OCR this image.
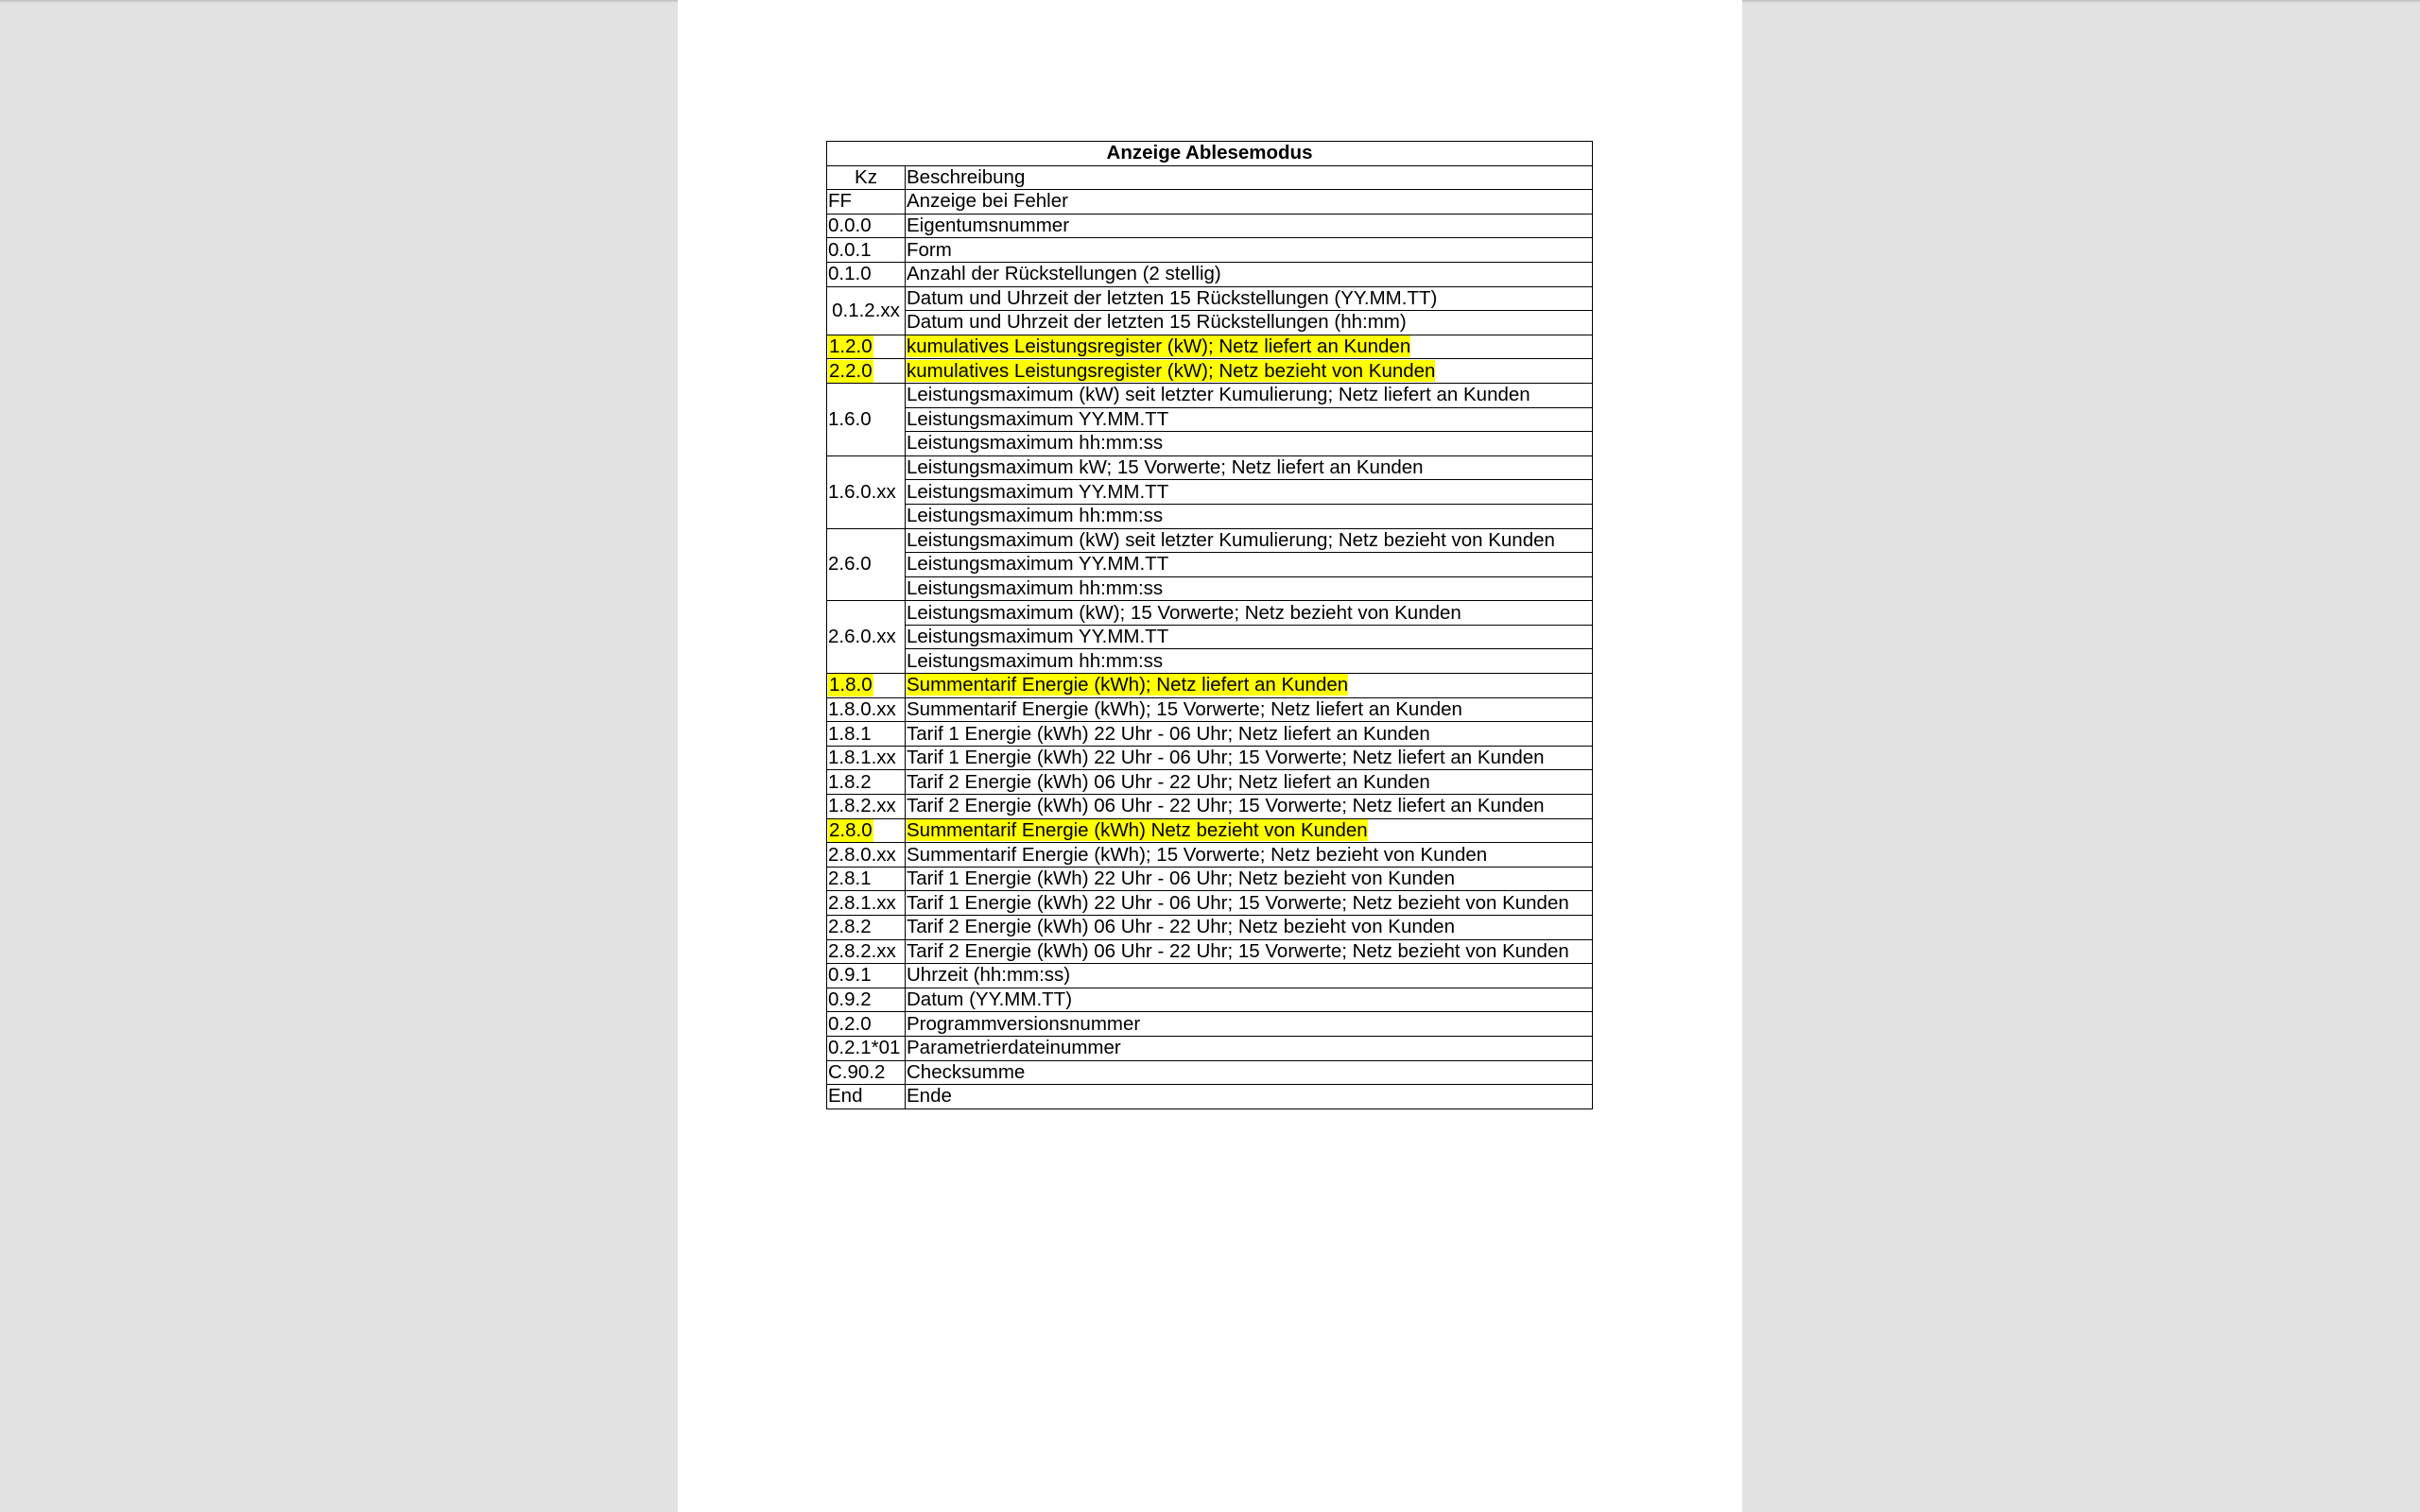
Anzeige Ablesemodus	
Kz	Beschreibung
FF	Anzeige bei Fehler
0.0.0	Eigentumsnummer
0.0.1	Form
0.1.0	Anzahl der Rückstellungen (2 stellig)
0.1.2.xx	Datum und Uhrzeit der letzten 15 Rückstellungen (YY.MM.TT)
	Datum und Uhrzeit der letzten 15 Rückstellungen (hh:mm)
1.2.0	kumulatives Leistungsregister (kW); Netz liefert an Kunden
2.2.0	kumulatives Leistungsregister (kW); Netz bezieht von Kunden
1.6.0	Leistungsmaximum (kW) seit letzter Kumulierung; Netz liefert an Kunden
	Leistungsmaximum YY.MM.TT
	Leistungsmaximum hh:mm:ss
1.6.0.xx	Leistungsmaximum kW; 15 Vorwerte; Netz liefert an Kunden
	Leistungsmaximum YY.MM.TT
	Leistungsmaximum hh:mm:ss
2.6.0	Leistungsmaximum (kW) seit letzter Kumulierung; Netz bezieht von Kunden
	Leistungsmaximum YY.MM.TT
	Leistungsmaximum hh:mm:ss
2.6.0.xx	Leistungsmaximum (kW); 15 Vorwerte; Netz bezieht von Kunden
	Leistungsmaximum YY.MM.TT
	Leistungsmaximum hh:mm:ss
1.8.0	Summentarif Energie (kWh); Netz liefert an Kunden
1.8.0.xx	Summentarif Energie (kWh); 15 Vorwerte; Netz liefert an Kunden
1.8.1	Tarif 1 Energie (kWh) 22 Uhr - 06 Uhr; Netz liefert an Kunden
1.8.1.xx	Tarif 1 Energie (kWh) 22 Uhr - 06 Uhr; 15 Vorwerte; Netz liefert an Kunden
1.8.2	Tarif 2 Energie (kWh) 06 Uhr - 22 Uhr; Netz liefert an Kunden
1.8.2.xx	Tarif 2 Energie (kWh) 06 Uhr - 22 Uhr; 15 Vorwerte; Netz liefert an Kunden
2.8.0	Summentarif Energie (kWh) Netz bezieht von Kunden
2.8.0.xx	Summentarif Energie (kWh); 15 Vorwerte; Netz bezieht von Kunden
2.8.1	Tarif 1 Energie (kWh) 22 Uhr - 06 Uhr; Netz bezieht von Kunden
2.8.1.xx	Tarif 1 Energie (kWh) 22 Uhr - 06 Uhr; 15 Vorwerte; Netz bezieht von Kunden
2.8.2	Tarif 2 Energie (kWh) 06 Uhr - 22 Uhr; Netz bezieht von Kunden
2.8.2.xx	Tarif 2 Energie (kWh) 06 Uhr - 22 Uhr; 15 Vorwerte; Netz bezieht von Kunden
0.9.1	Uhrzeit (hh:mm:ss)
0.9.2	Datum (YY.MM.TT)
0.2.0	Programmversionsnummer
0.2.1*01	Parametrierdateinummer
C.90.2	Checksumme
End	Ende
